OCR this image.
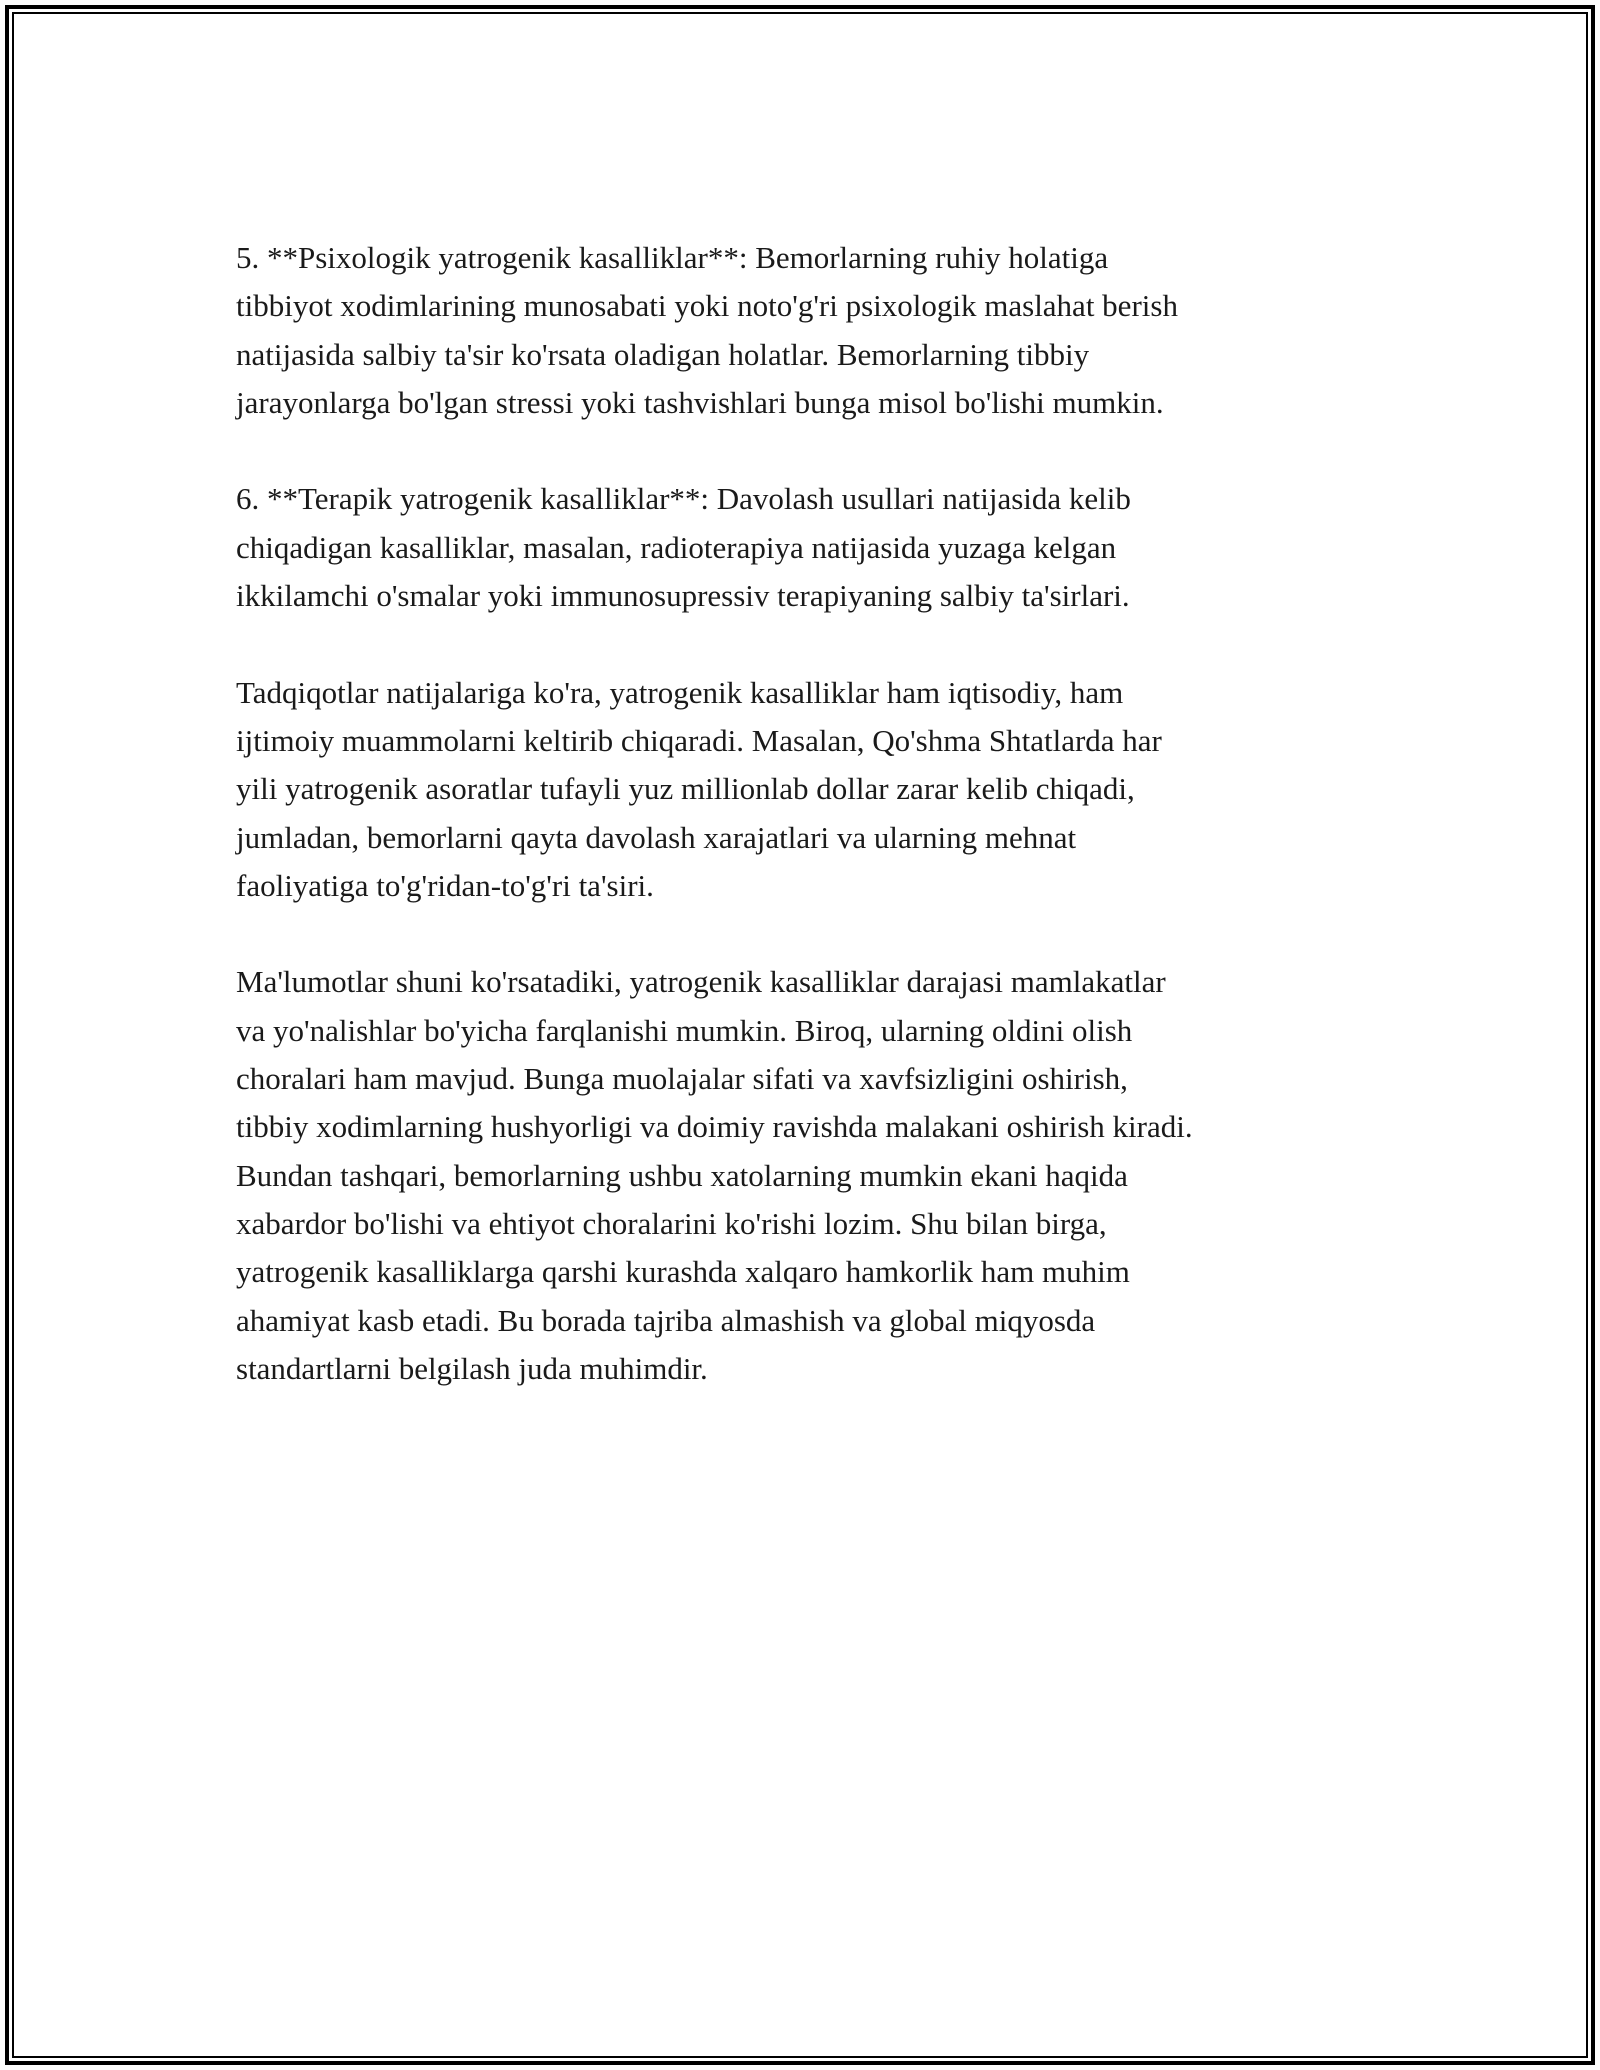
5. **Psixologik yatrogenik kasalliklar**: Bemorlarning ruhiy holatiga
tibbiyot xodimlarining munosabati yoki noto'g'ri psixologik maslahat berish
natijasida salbiy ta'sir ko'rsata oladigan holatlar. Bemorlarning tibbiy
jarayonlarga bo'lgan stressi yoki tashvishlari bunga misol bo'lishi mumkin.

6. **Terapik yatrogenik kasalliklar**: Davolash usullari natijasida kelib
chiqadigan kasalliklar, masalan, radioterapiya natijasida yuzaga kelgan
ikkilamchi o'smalar yoki immunosupressiv terapiyaning salbiy ta'sirlari.

Tadqiqotlar natijalariga ko'ra, yatrogenik kasalliklar ham iqtisodiy, ham
ijtimoiy muammolarni keltirib chiqaradi. Masalan, Qo'shma Shtatlarda har
yili yatrogenik asoratlar tufayli yuz millionlab dollar zarar kelib chiqadi,
jumladan, bemorlarni qayta davolash xarajatlari va ularning mehnat
faoliyatiga to'g'ridan-to'g'ri ta'siri.

Ma'lumotlar shuni ko'rsatadiki, yatrogenik kasalliklar darajasi mamlakatlar
va yo'nalishlar bo'yicha farqlanishi mumkin. Biroq, ularning oldini olish
choralari ham mavjud. Bunga muolajalar sifati va xavfsizligini oshirish,
tibbiy xodimlarning hushyorligi va doimiy ravishda malakani oshirish kiradi.
Bundan tashqari, bemorlarning ushbu xatolarning mumkin ekani haqida
xabardor bo'lishi va ehtiyot choralarini ko'rishi lozim. Shu bilan birga,
yatrogenik kasalliklarga qarshi kurashda xalqaro hamkorlik ham muhim
ahamiyat kasb etadi. Bu borada tajriba almashish va global miqyosda
standartlarni belgilash juda muhimdir.
